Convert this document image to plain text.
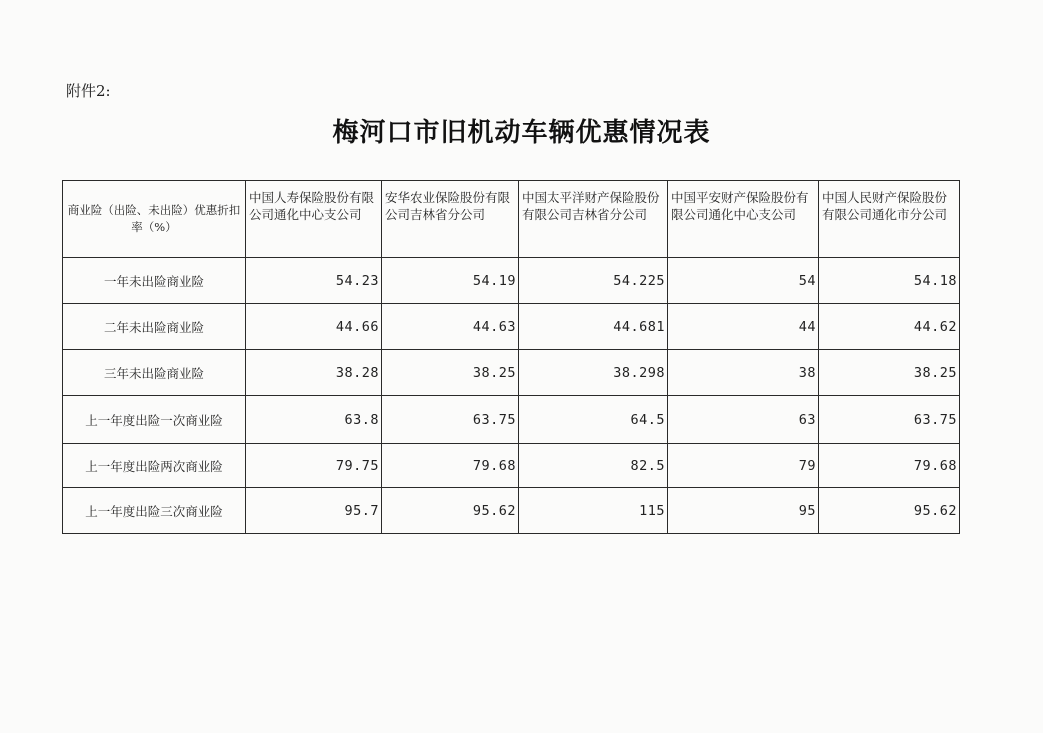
附件2:
梅河口市旧机动车辆优惠情况表
商业险（出险、未出险）优惠折扣率（%）	中国人寿保险股份有限公司通化中心支公司	安华农业保险股份有限公司吉林省分公司	中国太平洋财产保险股份有限公司吉林省分公司	中国平安财产保险股份有限公司通化中心支公司	中国人民财产保险股份有限公司通化市分公司
一年未出险商业险	54.23	54.19	54.225	54	54.18
二年未出险商业险	44.66	44.63	44.681	44	44.62
三年未出险商业险	38.28	38.25	38.298	38	38.25
上一年度出险一次商业险	63.8	63.75	64.5	63	63.75
上一年度出险两次商业险	79.75	79.68	82.5	79	79.68
上一年度出险三次商业险	95.7	95.62	115	95	95.62
